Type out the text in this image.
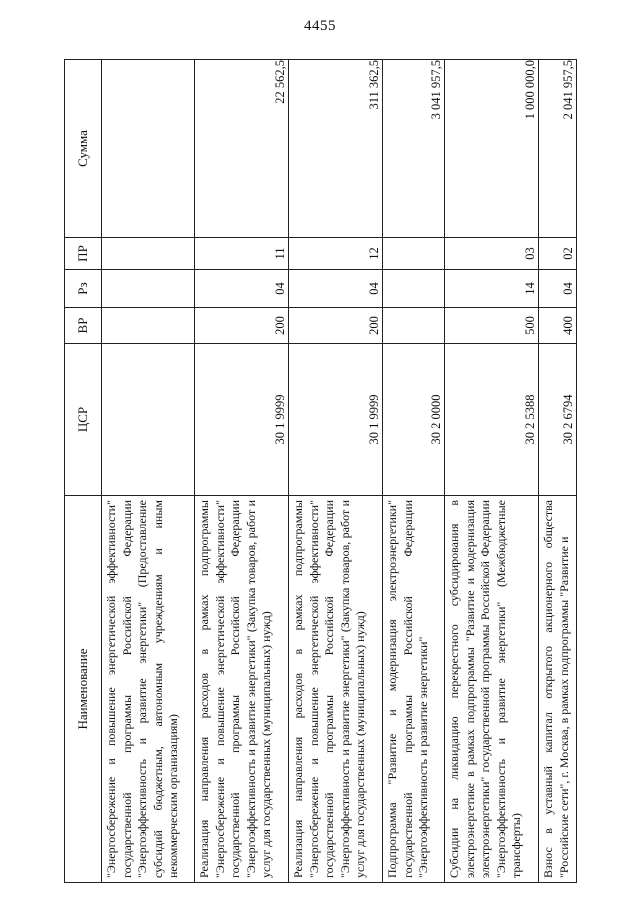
4455
Наименование	ЦСР	ВР	Рз	ПР	Сумма

"Энергосбережение и повышение энергетической эффективности" государственной программы Российской Федерации "Энергоэффективность и развитие энергетики" (Предоставление субсидий бюджетным, автономным учреждениям и иным некоммерческим организациям)					

Реализация направления расходов в рамках подпрограммы "Энергосбережение и повышение энергетической эффективности" государственной программы Российской Федерации "Энергоэффективность и развитие энергетики" (Закупка товаров, работ и услуг для государственных (муниципальных) нужд)	30 1 9999	200	04	11	22 562,5

Реализация направления расходов в рамках подпрограммы "Энергосбережение и повышение энергетической эффективности" государственной программы Российской Федерации "Энергоэффективность и развитие энергетики" (Закупка товаров, работ и услуг для государственных (муниципальных) нужд)	30 1 9999	200	04	12	311 362,5

Подпрограмма "Развитие и модернизация электроэнергетики" государственной программы Российской Федерации "Энергоэффективность и развитие энергетики"	30 2 0000				3 041 957,5

Субсидии на ликвидацию перекрестного субсидирования в электроэнергетике в рамках подпрограммы "Развитие и модернизация электроэнергетики" государственной программы Российской Федерации "Энергоэффективность и развитие энергетики" (Межбюджетные трансферты)	30 2 5388	500	14	03	1 000 000,0

Взнос в уставный капитал открытого акционерного общества "Российские сети", г. Москва, в рамках подпрограммы "Развитие и	30 2 6794	400	04	02	2 041 957,5
